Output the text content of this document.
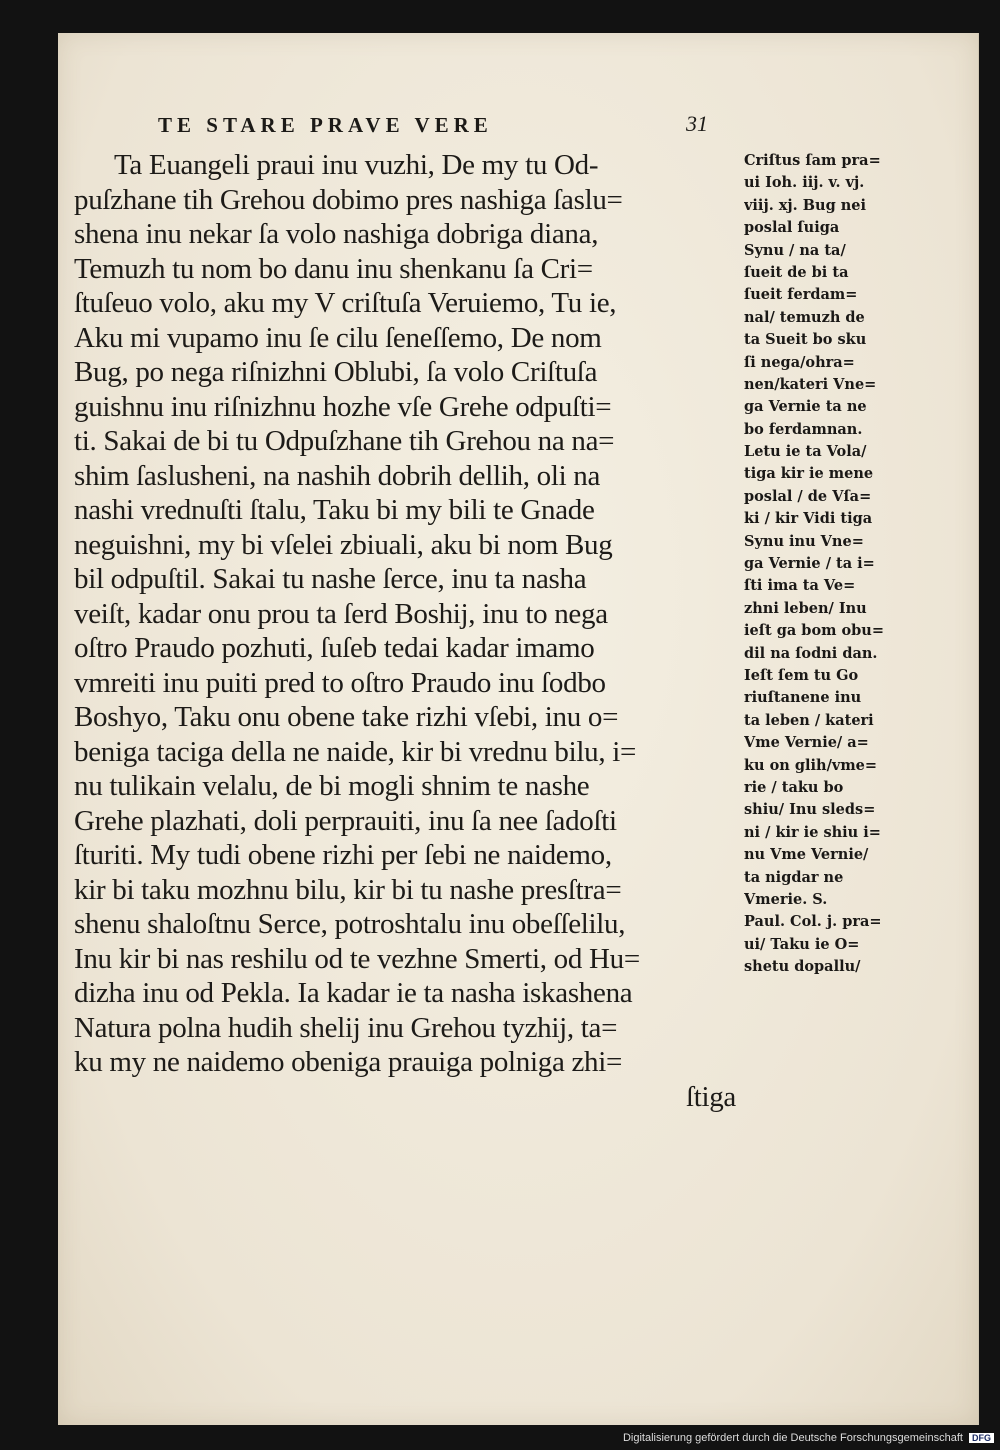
TE STARE PRAVE VERE	31
Ta Euangeli praui inu vuzhi, De my tu Od-
puſzhane tih Grehou dobimo pres nashiga ſaslu=
shena inu nekar ſa volo nashiga dobriga diana,
Temuzh tu nom bo danu inu shenkanu ſa Cri=
ſtuſeuo volo, aku my V criſtuſa Veruiemo, Tu ie,
Aku mi vupamo inu ſe cilu ſeneſſemo, De nom
Bug, po nega riſnizhni Oblubi, ſa volo Criſtuſa
guishnu inu riſnizhnu hozhe vſe Grehe odpuſti=
ti. Sakai de bi tu Odpuſzhane tih Grehou na na=
shim ſaslusheni, na nashih dobrih dellih, oli na
nashi vrednuſti ſtalu, Taku bi my bili te Gnade
neguishni, my bi vſelei zbiuali, aku bi nom Bug
bil odpuſtil. Sakai tu nashe ſerce, inu ta nasha
veiſt, kadar onu prou ta ſerd Boshiј, inu to nega
oſtro Praudo pozhuti, ſuſeb tedai kadar imamo
vmreiti inu puiti pred to oſtro Praudo inu ſodbo
Boshyo, Taku onu obene take rizhi vſebi, inu o=
beniga taciga della ne naide, kir bi vrednu bilu, i=
nu tulikain velalu, de bi mogli shnim te nashe
Grehe plazhati, doli perprauiti, inu ſa nee ſadoſti
ſturiti. My tudi obene rizhi per ſebi ne naidemo,
kir bi taku mozhnu bilu, kir bi tu nashe presſtra=
shenu shaloſtnu Serce, potroshtalu inu obeſſelilu,
Inu kir bi nas reshilu od te vezhne Smerti, od Hu=
dizha inu od Pekla. Ia kadar ie ta nasha iskashena
Natura polna hudih sheliј inu Grehou tyzhiј, ta=
ku my ne naidemo obeniga prauiga polniga zhi=
ſtiga
Criſtus ſam pra=
ui Ioh. iij. v. vj.
viij. xj. Bug nei
poslal ſuiga
Synu / na ta/
ſueit de bi ta
ſueit ferdam=
nal/ temuzh de
ta Sueit bo sku
ſi nega/ohra=
nen/kateri Vne=
ga Vernie ta ne
bo ferdamnan.
Letu ie ta Vola/
tiga kir ie mene
poslal / de Vſa=
ki / kir Vidi tiga
Synu inu Vne=
ga Vernie / ta i=
ſti ima ta Ve=
zhni leben/ Inu
ieſt ga bom obu=
dil na ſodni dan.
Ieſt ſem tu Go
riuſtanene inu
ta leben / kateri
Vme Vernie/ a=
ku on glih/vme=
rie / taku bo
shiu/ Inu sleds=
ni / kir ie shiu i=
nu Vme Vernie/
ta nigdar ne
Vmerie. S.
Paul. Col. j. pra=
ui/ Taku ie O=
shetu dopallu/
Digitalisierung gefördert durch die Deutsche Forschungsgemeinschaft DFG
